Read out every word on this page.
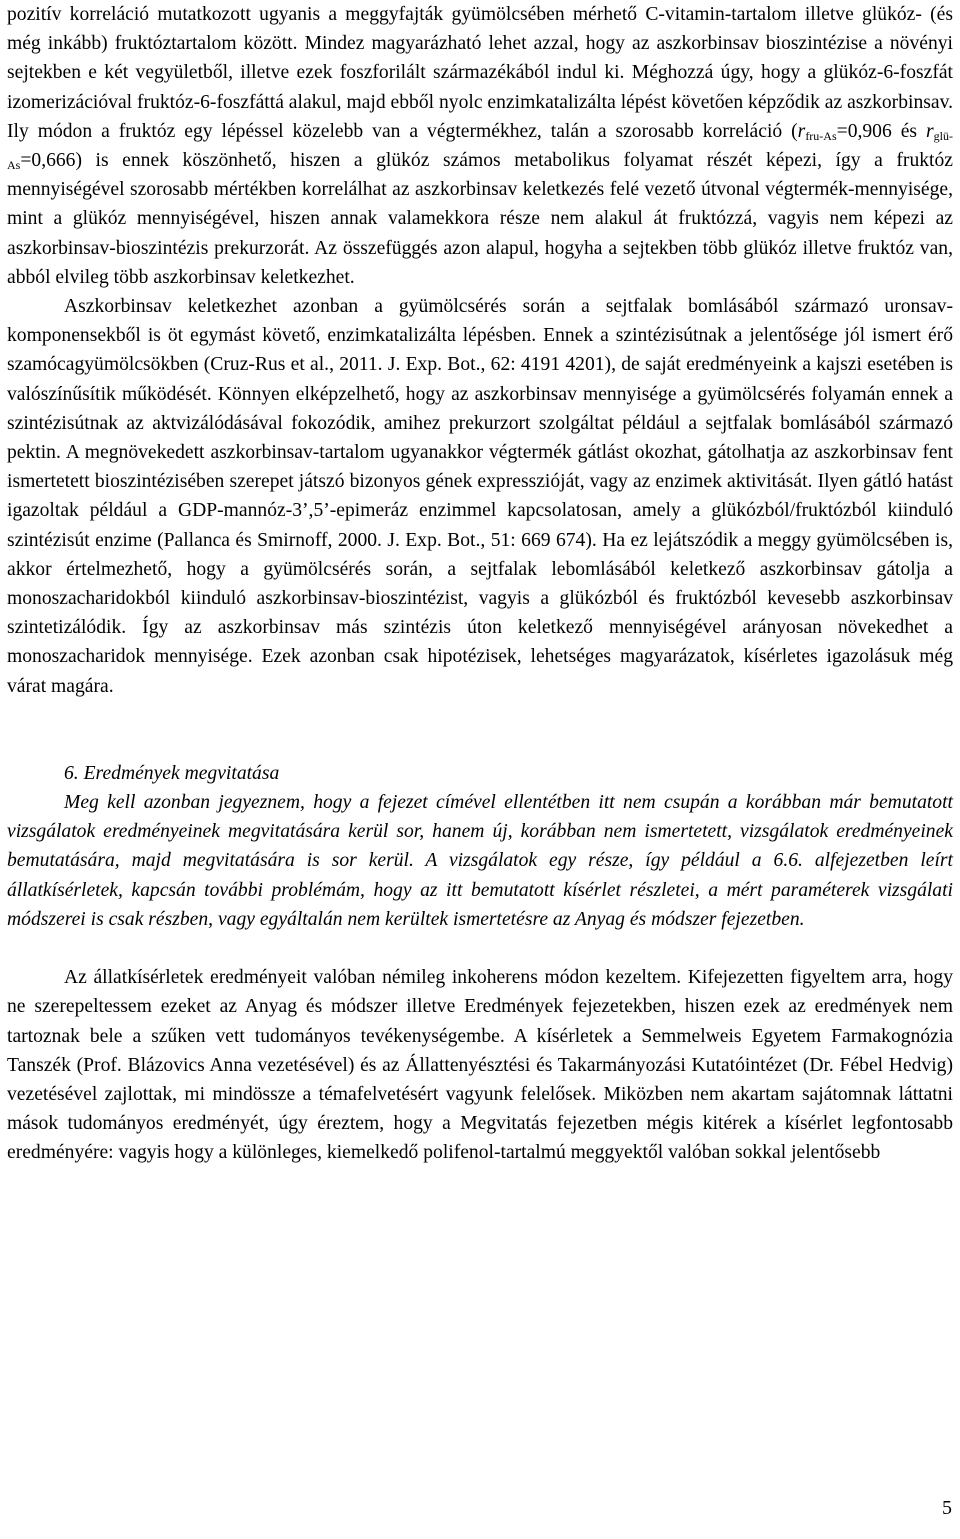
pozitív korreláció mutatkozott ugyanis a meggyfajták gyümölcsében mérhető C-vitamin-tartalom illetve glükóz- (és még inkább) fruktóztartalom között. Mindez magyarázható lehet azzal, hogy az aszkorbinsav bioszintézise a növényi sejtekben e két vegyületből, illetve ezek foszforilált származékából indul ki. Méghozzá úgy, hogy a glükóz-6-foszfát izomerizációval fruktóz-6-foszfáttá alakul, majd ebből nyolc enzimkatalizálta lépést követően képződik az aszkorbinsav. Ily módon a fruktóz egy lépéssel közelebb van a végtermékhez, talán a szorosabb korreláció ($r_{fru-As}=0,906$ és $r_{glü-As}=0,666$) is ennek köszönhető, hiszen a glükóz számos metabolikus folyamat részét képezi, így a fruktóz mennyiségével szorosabb mértékben korrelálhat az aszkorbinsav keletkezés felé vezető útvonal végtermék-mennyisége, mint a glükóz mennyiségével, hiszen annak valamekkora része nem alakul át fruktózzá, vagyis nem képezi az aszkorbinsav-bioszintézis prekurzorát. Az összefüggés azon alapul, hogyha a sejtekben több glükóz illetve fruktóz van, abból elvileg több aszkorbinsav keletkezhet.

Aszkorbinsav keletkezhet azonban a gyümölcsérés során a sejtfalak bomlásából származó uronsav-komponensekből is öt egymást követő, enzimkatalizálta lépésben. Ennek a szintézisútnak a jelentősége jól ismert érő szamócagyümölcsökben (Cruz-Rus et al., 2011. J. Exp. Bot., 62: 4191 4201), de saját eredményeink a kajszi esetében is valószínűsítik működését. Könnyen elképzelhető, hogy az aszkorbinsav mennyisége a gyümölcsérés folyamán ennek a szintézisútnak az aktvizálódásával fokozódik, amihez prekurzort szolgáltat például a sejtfalak bomlásából származó pektin. A megnövekedett aszkorbinsav-tartalom ugyanakkor végtermék gátlást okozhat, gátolhatja az aszkorbinsav fent ismertetett bioszintézisében szerepet játszó bizonyos gének expresszióját, vagy az enzimek aktivitását. Ilyen gátló hatást igazoltak például a GDP-mannóz-3’,5’-epimeráz enzimmel kapcsolatosan, amely a glükózból/fruktózból kiinduló szintézisút enzime (Pallanca és Smirnoff, 2000. J. Exp. Bot., 51: 669 674). Ha ez lejátszódik a meggy gyümölcsében is, akkor értelmezhető, hogy a gyümölcsérés során, a sejtfalak lebomlásából keletkező aszkorbinsav gátolja a monoszacharidokból kiinduló aszkorbinsav-bioszintézist, vagyis a glükózból és fruktózból kevesebb aszkorbinsav szintetizálódik. Így az aszkorbinsav más szintézis úton keletkező mennyiségével arányosan növekedhet a monoszacharidok mennyisége. Ezek azonban csak hipotézisek, lehetséges magyarázatok, kísérletes igazolásuk még várat magára.

6. Eredmények megvitatása

Meg kell azonban jegyeznem, hogy a fejezet címével ellentétben itt nem csupán a korábban már bemutatott vizsgálatok eredményeinek megvitatására kerül sor, hanem új, korábban nem ismertetett, vizsgálatok eredményeinek bemutatására, majd megvitatására is sor kerül. A vizsgálatok egy része, így például a 6.6. alfejezetben leírt állatkísérletek, kapcsán további problémám, hogy az itt bemutatott kísérlet részletei, a mért paraméterek vizsgálati módszerei is csak részben, vagy egyáltalán nem kerültek ismertetésre az Anyag és módszer fejezetben.

Az állatkísérletek eredményeit valóban némileg inkoherens módon kezeltem. Kifejezetten figyeltem arra, hogy ne szerepeltessem ezeket az Anyag és módszer illetve Eredmények fejezetekben, hiszen ezek az eredmények nem tartoznak bele a szűken vett tudományos tevékenységembe. A kísérletek a Semmelweis Egyetem Farmakognózia Tanszék (Prof. Blázovics Anna vezetésével) és az Állattenyésztési és Takarmányozási Kutatóintézet (Dr. Fébel Hedvig) vezetésével zajlottak, mi mindössze a témafelvetésért vagyunk felelősek. Miközben nem akartam sajátomnak láttatni mások tudományos eredményét, úgy éreztem, hogy a Megvitatás fejezetben mégis kitérek a kísérlet legfontosabb eredményére: vagyis hogy a különleges, kiemelkedő polifenol-tartalmú meggyektől valóban sokkal jelentősebb

5
